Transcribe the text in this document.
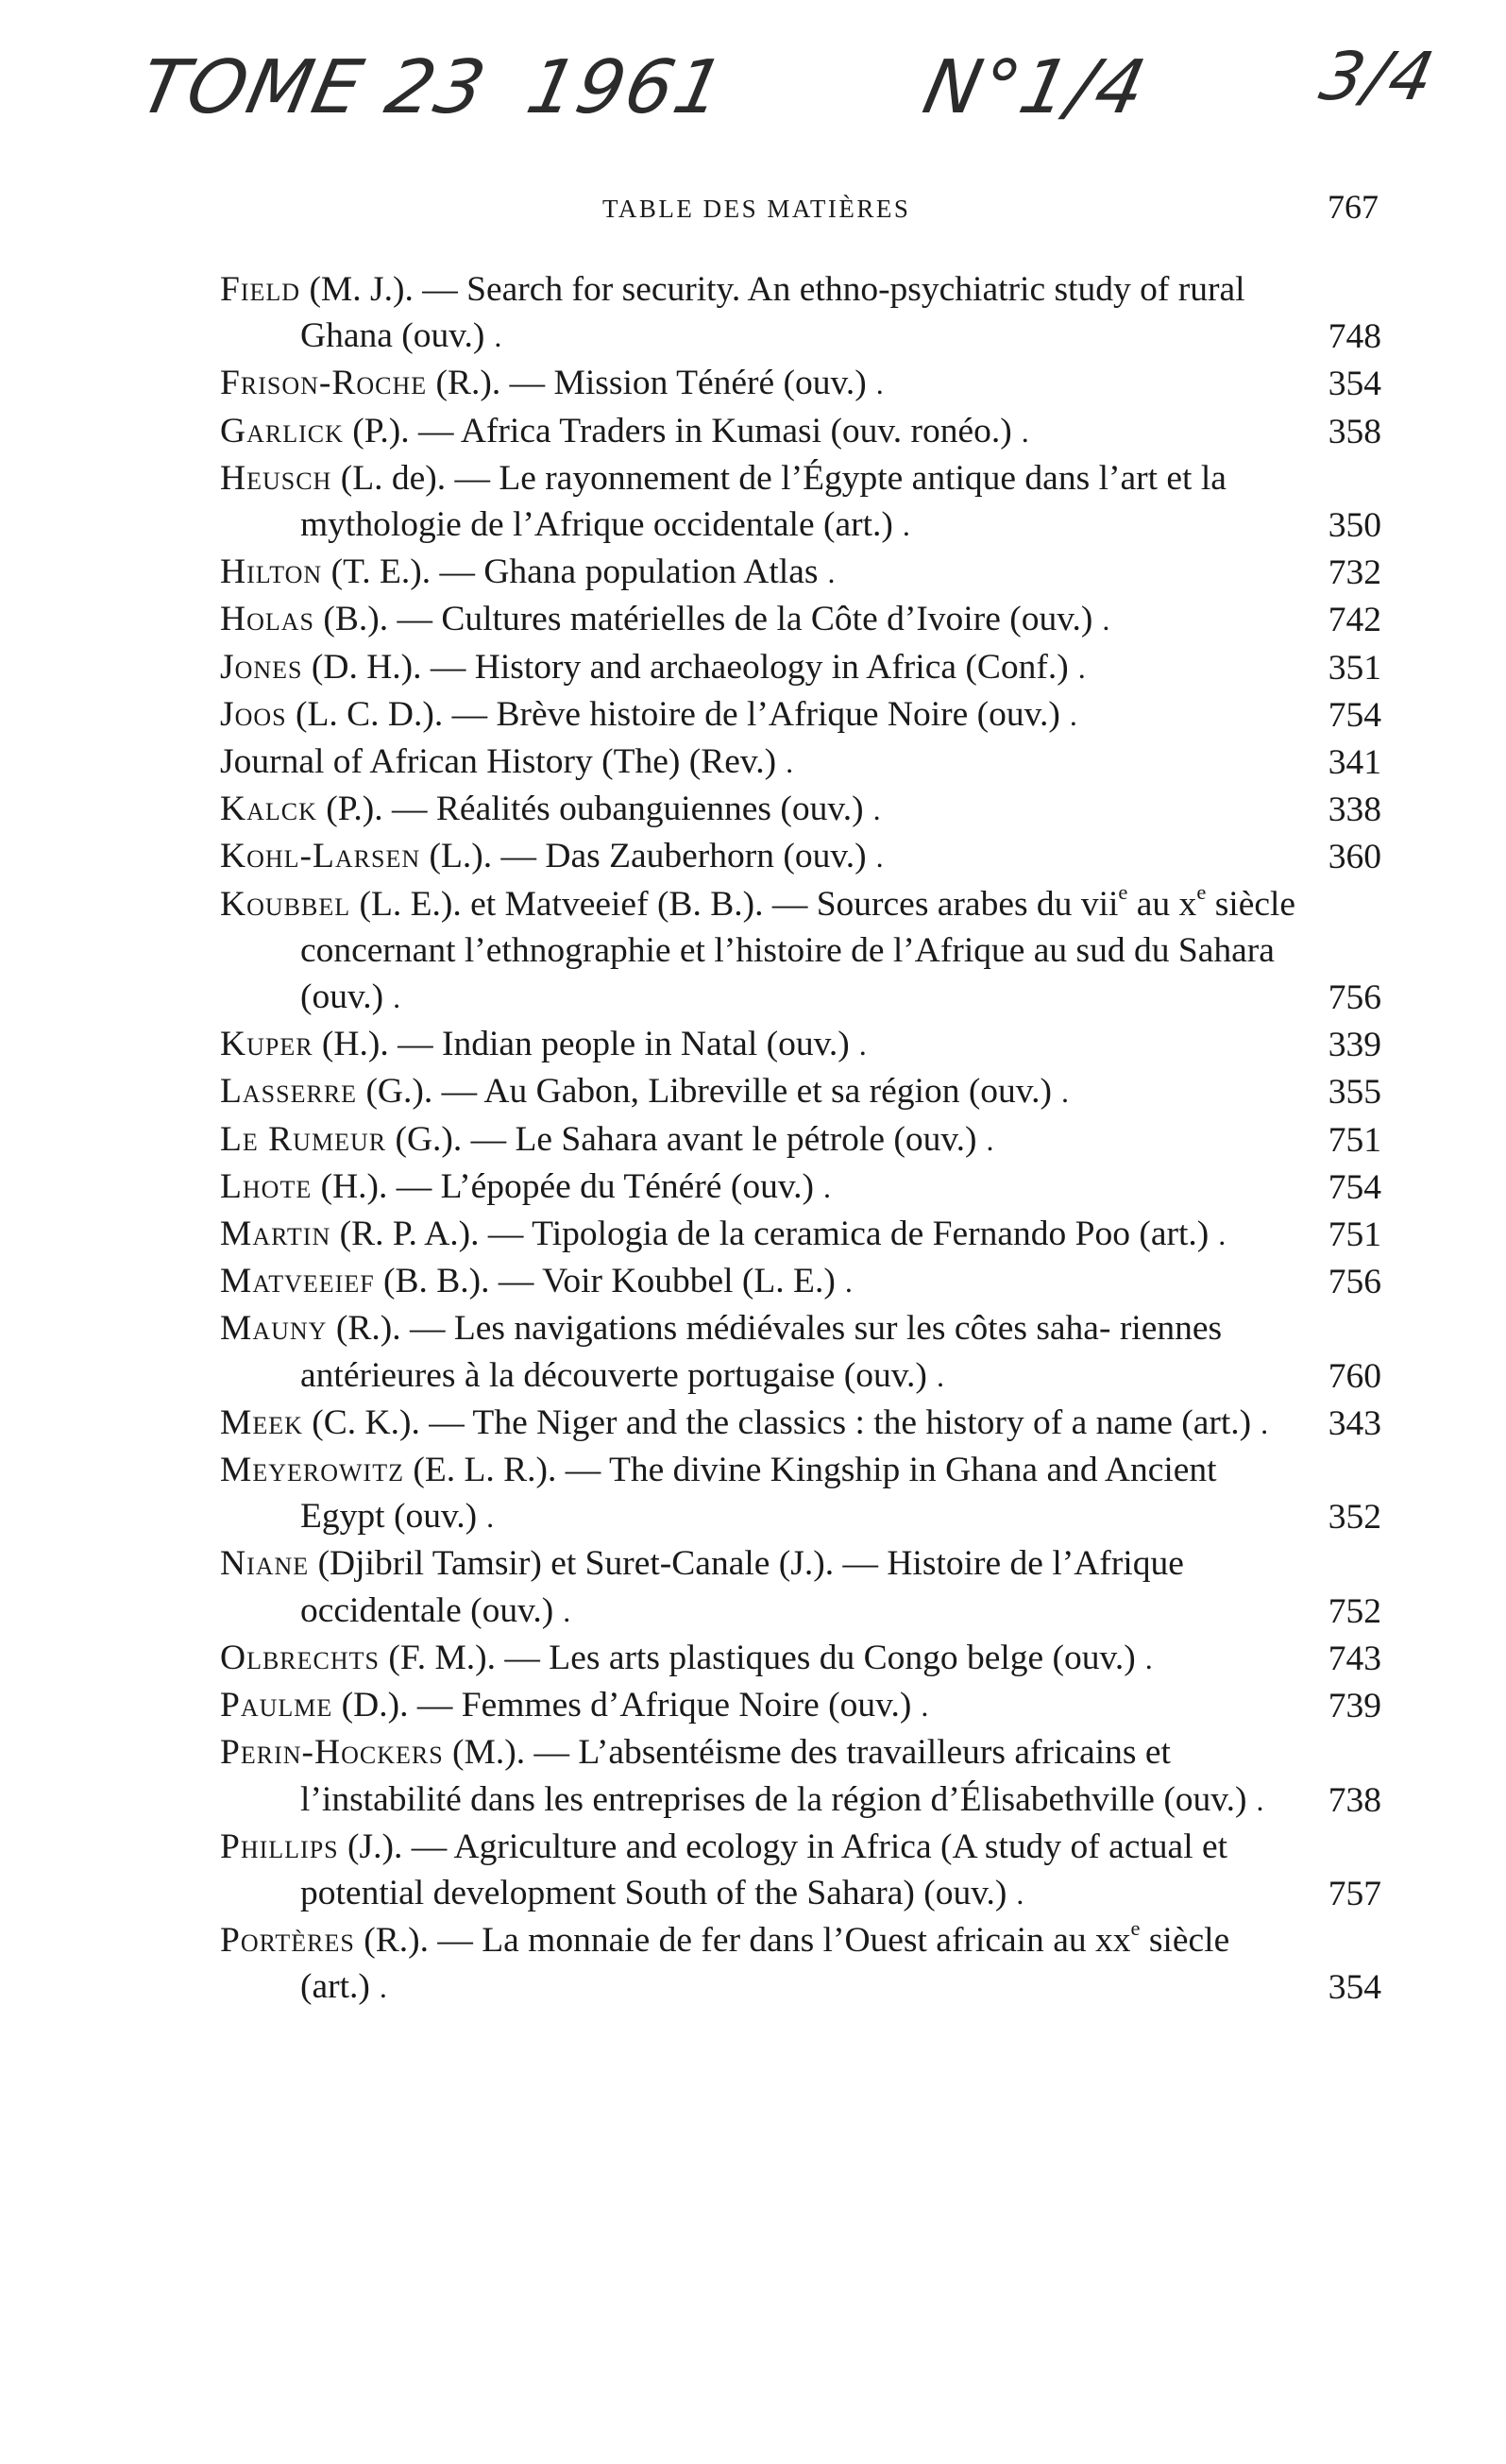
TOME 23 1961 N°1/4 3/4
TABLE DES MATIÈRES	767
Field (M. J.). — Search for security. An ethno-psychiatric study of rural Ghana (ouv.) .	748
Frison-Roche (R.). — Mission Ténéré (ouv.) .	354
Garlick (P.). — Africa Traders in Kumasi (ouv. ronéo.) .	358
Heusch (L. de). — Le rayonnement de l’Égypte antique dans l’art et la mythologie de l’Afrique occidentale (art.) .	350
Hilton (T. E.). — Ghana population Atlas .	732
Holas (B.). — Cultures matérielles de la Côte d’Ivoire (ouv.) .	742
Jones (D. H.). — History and archaeology in Africa (Conf.) .	351
Joos (L. C. D.). — Brève histoire de l’Afrique Noire (ouv.) .	754
Journal of African History (The) (Rev.) .	341
Kalck (P.). — Réalités oubanguiennes (ouv.) .	338
Kohl-Larsen (L.). — Das Zauberhorn (ouv.) .	360
Koubbel (L. E.). et Matveeief (B. B.). — Sources arabes du vii$^e$ au $x^e$ siècle concernant l’ethnographie et l’histoire de l’Afrique au sud du Sahara (ouv.) .	756
Kuper (H.). — Indian people in Natal (ouv.) .	339
Lasserre (G.). — Au Gabon, Libreville et sa région (ouv.) .	355
Le Rumeur (G.). — Le Sahara avant le pétrole (ouv.) .	751
Lhote (H.). — L’épopée du Ténéré (ouv.) .	754
Martin (R. P. A.). — Tipologia de la ceramica de Fernando Poo (art.) .	751
Matveeief (B. B.). — Voir Koubbel (L. E.) .	756
Mauny (R.). — Les navigations médiévales sur les côtes saha- riennes antérieures à la découverte portugaise (ouv.) .	760
Meek (C. K.). — The Niger and the classics : the history of a name (art.) .	343
Meyerowitz (E. L. R.). — The divine Kingship in Ghana and Ancient Egypt (ouv.) .	352
Niane (Djibril Tamsir) et Suret-Canale (J.). — Histoire de l’Afrique occidentale (ouv.) .	752
Olbrechts (F. M.). — Les arts plastiques du Congo belge (ouv.) .	743
Paulme (D.). — Femmes d’Afrique Noire (ouv.) .	739
Perin-Hockers (M.). — L’absentéisme des travailleurs africains et l’instabilité dans les entreprises de la région d’Élisabethville (ouv.) .	738
Phillips (J.). — Agriculture and ecology in Africa (A study of actual et potential development South of the Sahara) (ouv.) .	757
Portères (R.). — La monnaie de fer dans l’Ouest africain au $xx^e$ siècle (art.) .	354
